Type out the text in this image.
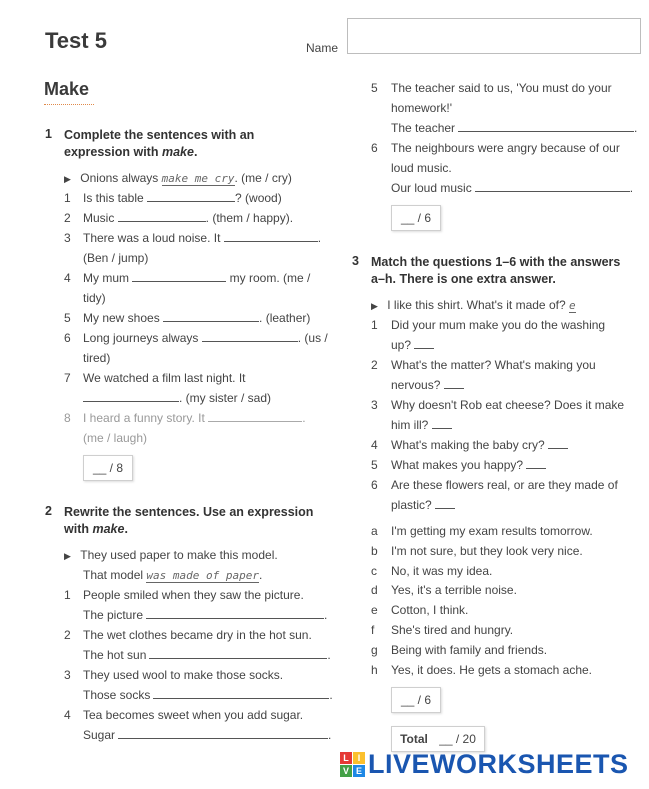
Test 5	Name
Make
1 Complete the sentences with an
expression with make.
▶ Onions always make me cry. (me / cry)
1 Is this table	? (wood)
2 Music	. (them / happy).
3 There was a loud noise. It	.
(Ben / jump)
4 My mum	my room. (me /
tidy)
5 My new shoes	. (leather)
6 Long journeys always	. (us /
tired)
7 We watched a film last night. It
. (my sister / sad)
8 I heard a funny story. It	.
(me / laugh)
__ / 8
2 Rewrite the sentences. Use an expression
with make.
▶ They used paper to make this model.
That model was made of paper.
1 People smiled when they saw the picture.
The picture	.
2 The wet clothes became dry in the hot sun.
The hot sun	.
3 They used wool to make those socks.
Those socks	.
4 Tea becomes sweet when you add sugar.
Sugar	.
5 The teacher said to us, 'You must do your
homework!'
The teacher	.
6 The neighbours were angry because of our
loud music.
Our loud music	.
__ / 6
3 Match the questions 1–6 with the answers
a–h. There is one extra answer.
▶ I like this shirt. What's it made of? e
1 Did your mum make you do the washing
up?
2 What's the matter? What's making you
nervous?
3 Why doesn't Rob eat cheese? Does it make
him ill?
4 What's making the baby cry?
5 What makes you happy?
6 Are these flowers real, or are they made of
plastic?
a I'm getting my exam results tomorrow.
b I'm not sure, but they look very nice.
c No, it was my idea.
d Yes, it's a terrible noise.
e Cotton, I think.
f She's tired and hungry.
g Being with family and friends.
h Yes, it does. He gets a stomach ache.
__ / 6
Total __ / 20
L I
V E LIVEWORKSHEETS
